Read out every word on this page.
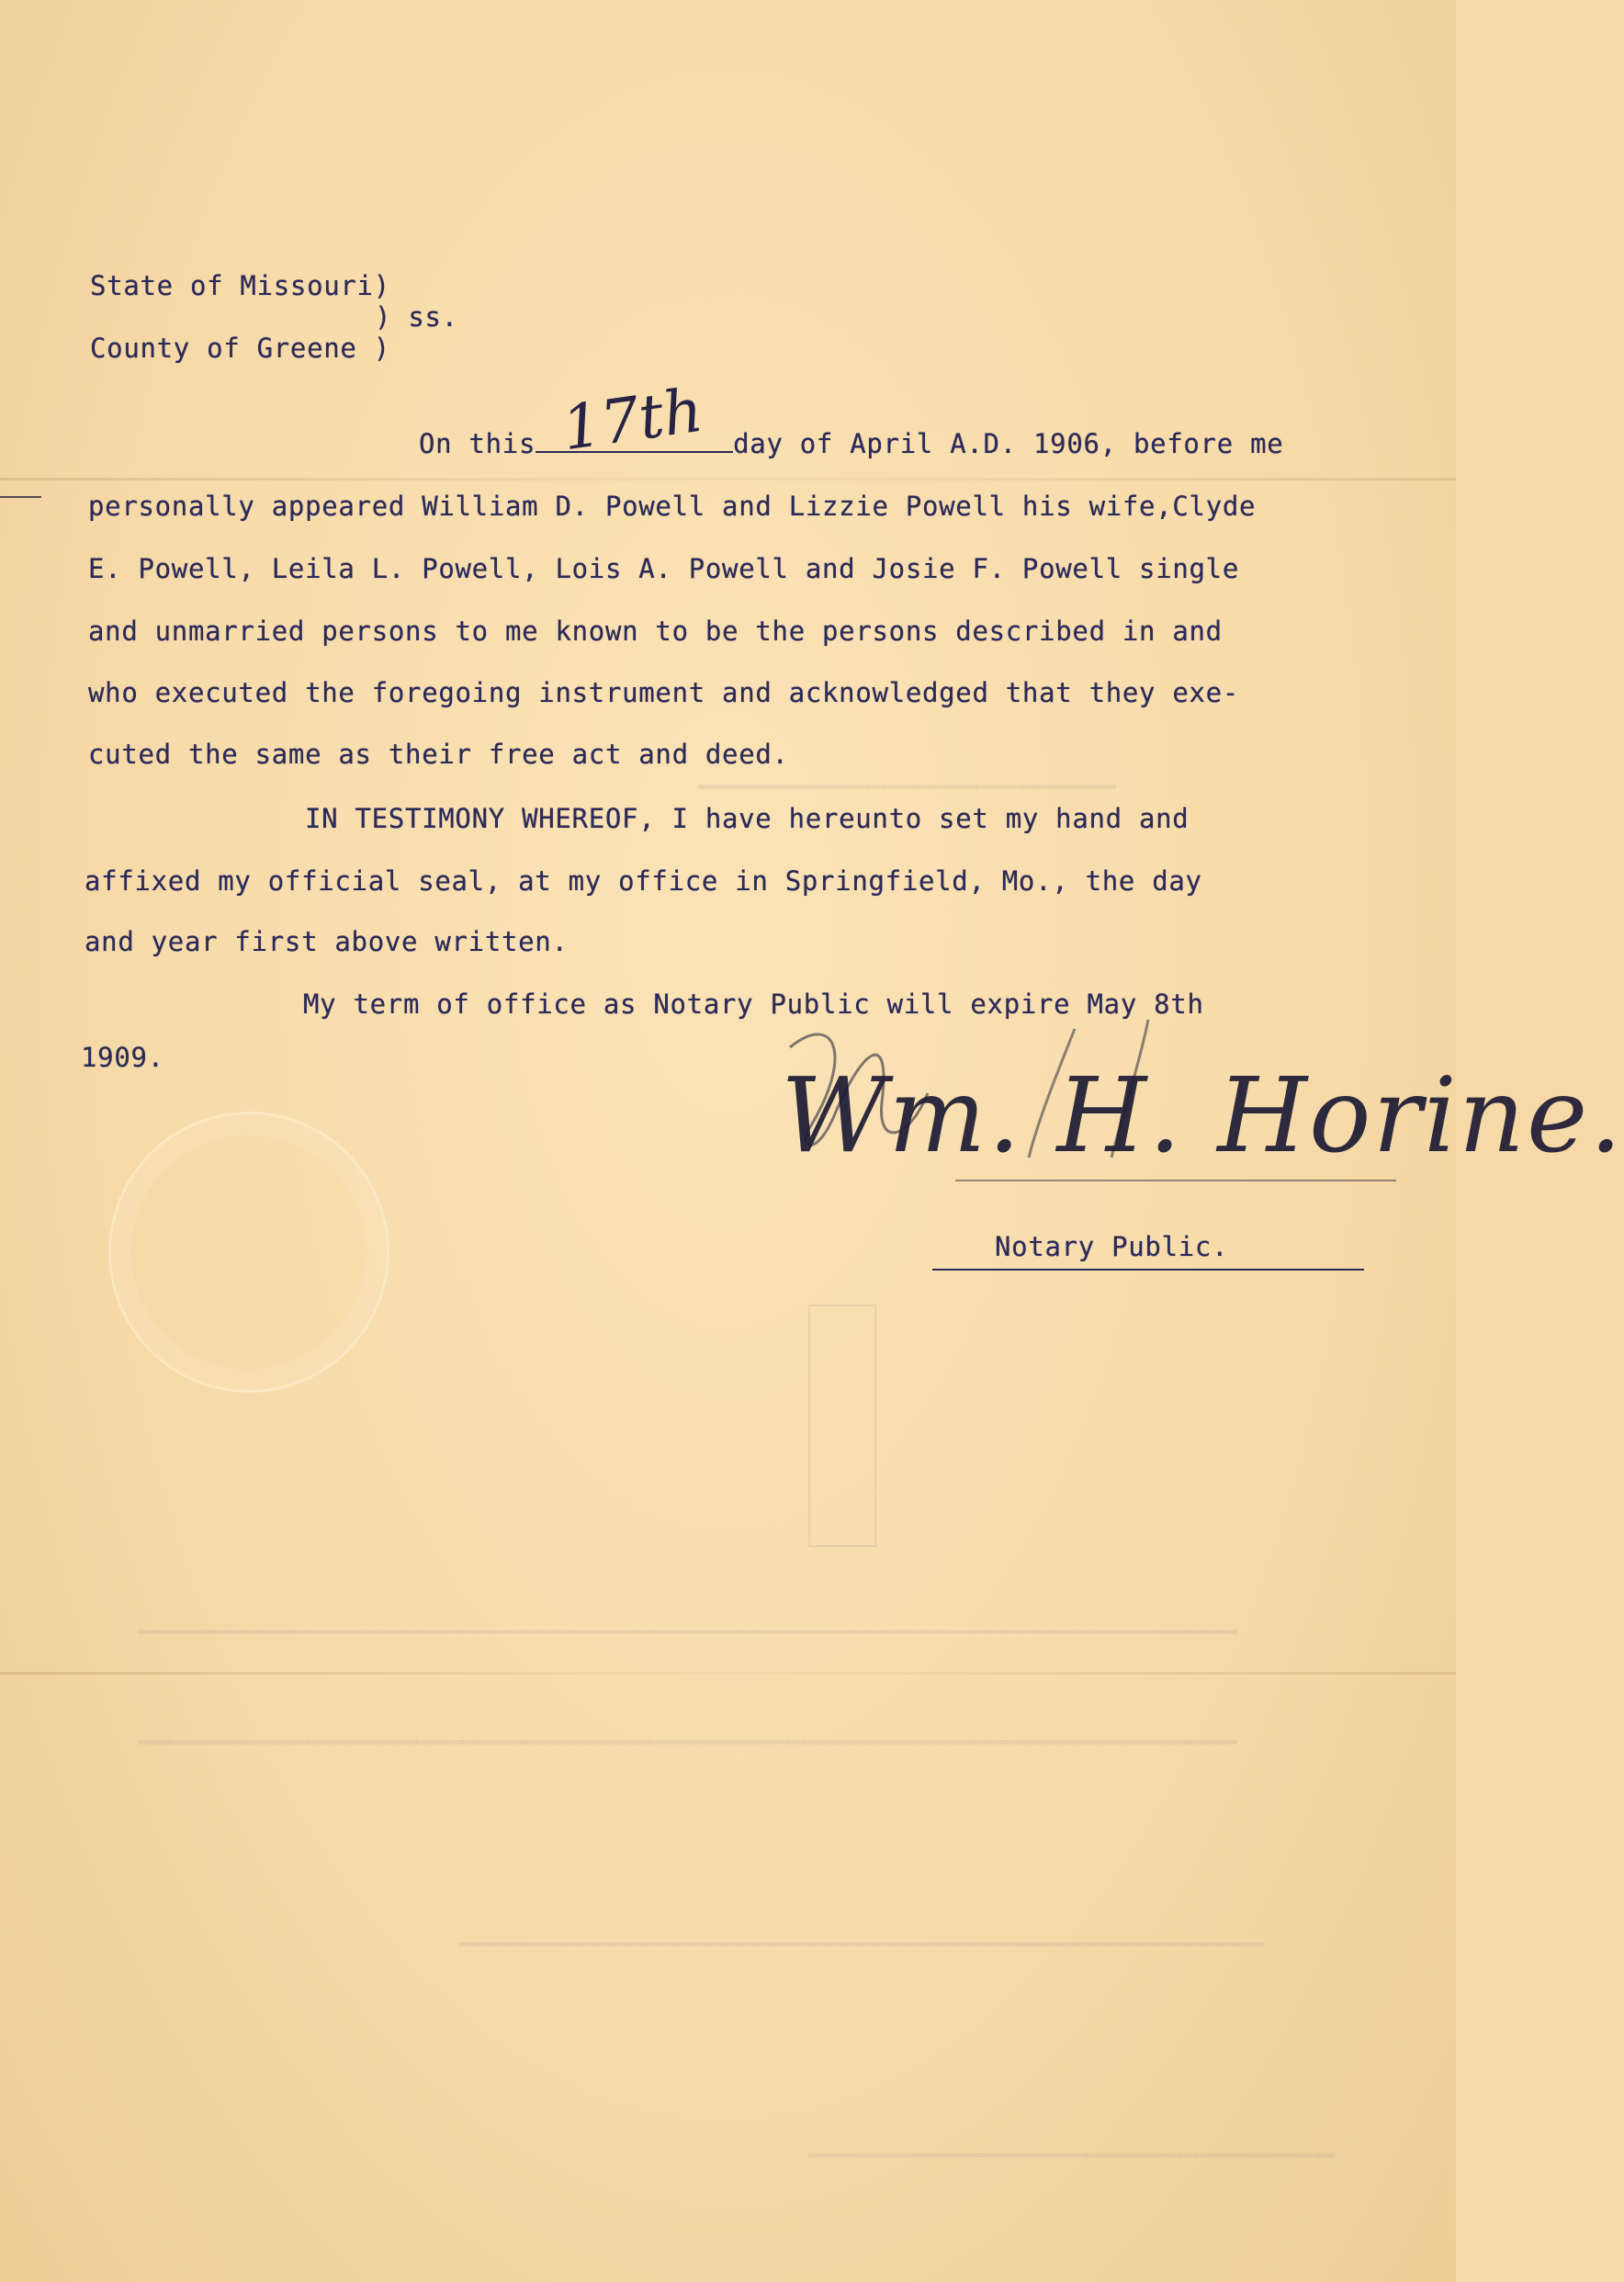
━━━━━━━━━━━━━━━━━━━━━━━━━━━
━━━━━━━━━━━━━━━━━━━━━━━━━━━━━━━━━━━━━━━━━━━━━━━━━━━━━━━━━━━━━━━━━━━━━━━
━━━━━━━━━━━━━━━━━━━━━━━━━━━━━━━━━━━━━━━━━━━━━━━━━━━━━━━━━━━━━━━━━━━━━━━
━━━━━━━━━━━━━━━━━━━━━━━━━━━━━━━━━━━━━━━━━━━━━━━━━━━━
━━━━━━━━━━━━━━━━━━━━━━━━━━━━━━━━━━
State of Missouri)
) ss.
County of Greene )
On this	day of April A.D. 1906, before me
17th
personally appeared William D. Powell and Lizzie Powell his wife,Clyde
E. Powell, Leila L. Powell, Lois A. Powell and Josie F. Powell single
and unmarried persons to me known to be the persons described in and
who executed the foregoing instrument and acknowledged that they exe-
cuted the same as their free act and deed.
IN TESTIMONY WHEREOF, I have hereunto set my hand and
affixed my official seal, at my office in Springfield, Mo., the day
and year first above written.
My term of office as Notary Public will expire May 8th
1909.	Wm. H. Horine.
Notary Public.
